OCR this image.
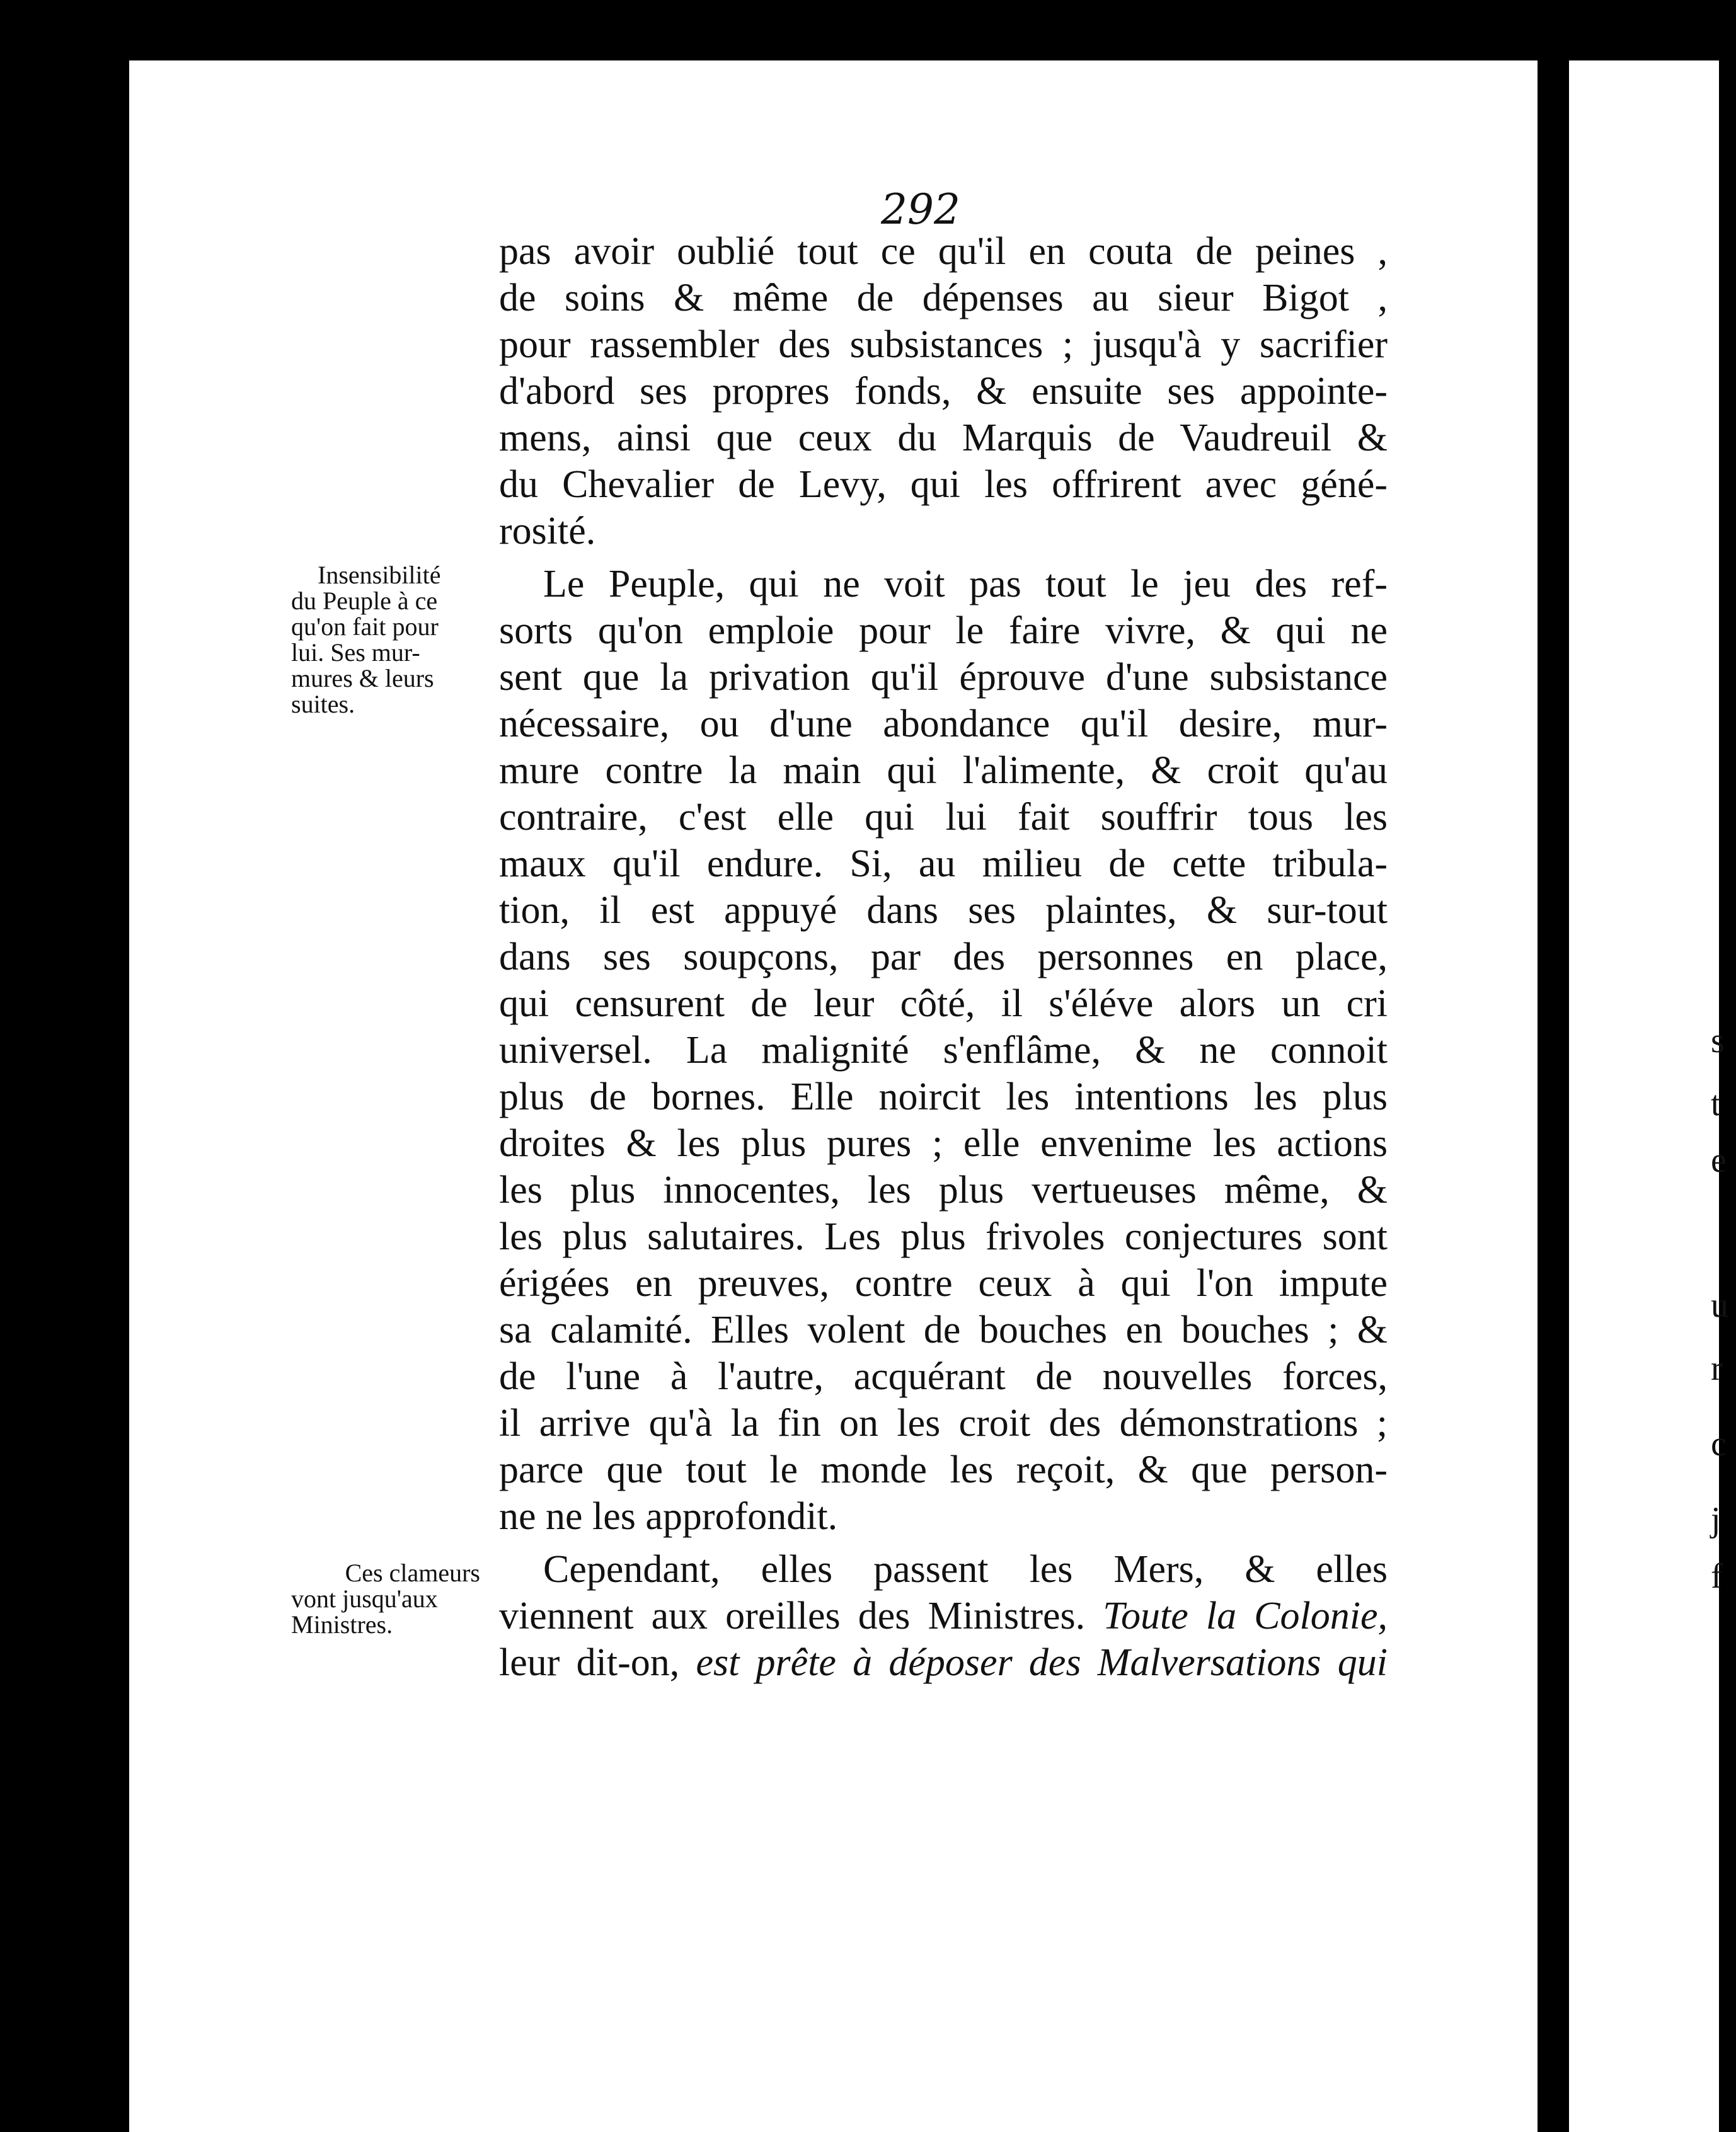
292

pas avoir oublié tout ce qu'il en couta de peines ,
de soins & même de dépenses au sieur Bigot ,
pour rassembler des subsistances ; jusqu'à y sacrifier
d'abord ses propres fonds, & ensuite ses appointe-
mens, ainsi que ceux du Marquis de Vaudreuil &
du Chevalier de Levy, qui les offrirent avec géné-
rosité.
Le Peuple, qui ne voit pas tout le jeu des ref-
sorts qu'on emploie pour le faire vivre, & qui ne
sent que la privation qu'il éprouve d'une subsistance
nécessaire, ou d'une abondance qu'il desire, mur-
mure contre la main qui l'alimente, & croit qu'au
contraire, c'est elle qui lui fait souffrir tous les
maux qu'il endure. Si, au milieu de cette tribula-
tion, il est appuyé dans ses plaintes, & sur-tout
dans ses soupçons, par des personnes en place,
qui censurent de leur côté, il s'éléve alors un cri
universel. La malignité s'enflâme, & ne connoit
plus de bornes. Elle noircit les intentions les plus
droites & les plus pures ; elle envenime les actions
les plus innocentes, les plus vertueuses même, &
les plus salutaires. Les plus frivoles conjectures sont
érigées en preuves, contre ceux à qui l'on impute
sa calamité. Elles volent de bouches en bouches ; &
de l'une à l'autre, acquérant de nouvelles forces,
il arrive qu'à la fin on les croit des démonstrations ;
parce que tout le monde les reçoit, & que person-
ne ne les approfondit.
Cependant, elles passent les Mers, & elles
viennent aux oreilles des Ministres. Toute la Colonie,
leur dit-on, est prête à déposer des Malversations qui
Insensibilité
du Peuple à ce
qu'on fait pour
lui. Ses mur-
mures & leurs
suites.
Ces clameurs
vont jusqu'aux
Ministres.
s
t
e
u
r
c
j
f
